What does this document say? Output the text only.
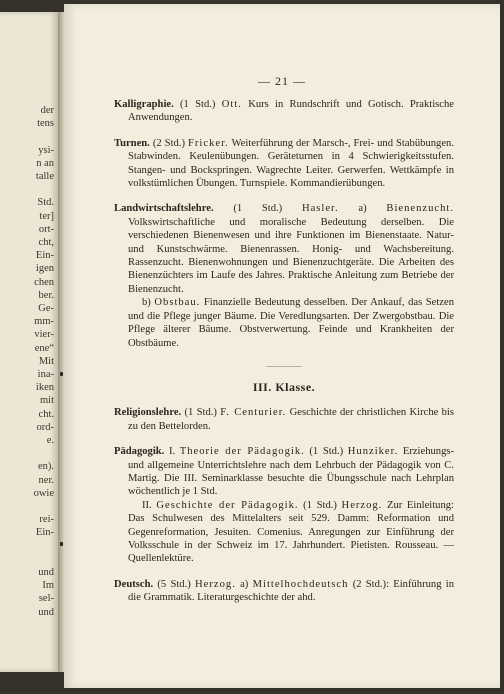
der
tens
ysi-
n an
talle
Std.
ter]
ort-
cht,
Ein-
igen
chen
ber.
Ge-
mm-
vier-
ene“
Mit
ina-
iken
mit
cht.
ord-
e.
en).
ner.
owie
rei-
Ein-
und
Im
sel-
und
— 21 —
Kalligraphie. (1 Std.) Ott. Kurs in Rundschrift und Gotisch. Praktische Anwendungen.
Turnen. (2 Std.) Fricker. Weiterführung der Marsch-, Frei- und Stabübungen. Stabwinden. Keulenübungen. Geräteturnen in 4 Schwierigkeitsstufen. Stangen- und Bockspringen. Wagrechte Leiter. Gerwerfen. Wettkämpfe in volkstümlichen Übungen. Turnspiele. Kommandierübungen.
Landwirtschaftslehre. (1 Std.) Hasler. a) Bienenzucht. Volkswirtschaftliche und moralische Bedeutung derselben. Die verschiedenen Bienenwesen und ihre Funktionen im Bienenstaate. Natur- und Kunstschwärme. Bienenrassen. Honig- und Wachsbereitung. Rassenzucht. Bienenwohnungen und Bienenzuchtgeräte. Die Arbeiten des Bienenzüchters im Laufe des Jahres. Praktische Anleitung zum Betriebe der Bienenzucht.

b) Obstbau. Finanzielle Bedeutung desselben. Der Ankauf, das Setzen und die Pflege junger Bäume. Die Veredlungsarten. Der Zwergobstbau. Die Pflege älterer Bäume. Obstverwertung. Feinde und Krankheiten der Obstbäume.

III. Klasse.
Religionslehre. (1 Std.) F. Centurier. Geschichte der christlichen Kirche bis zu den Bettelorden.
Pädagogik. I. Theorie der Pädagogik. (1 Std.) Hunziker. Erziehungs- und allgemeine Unterrichtslehre nach dem Lehrbuch der Pädagogik von C. Martig. Die III. Seminarklasse besuchte die Übungsschule nach Lehrplan wöchentlich je 1 Std.

II. Geschichte der Pädagogik. (1 Std.) Herzog. Zur Einleitung: Das Schulwesen des Mittelalters seit 529. Damm: Reformation und Gegenreformation, Jesuiten. Comenius. Anregungen zur Einführung der Volksschule in der Schweiz im 17. Jahrhundert. Pietisten. Rousseau. — Quellenlektüre.

Deutsch. (5 Std.) Herzog. a) Mittelhochdeutsch (2 Std.): Einführung in die Grammatik. Literaturgeschichte der ahd.
